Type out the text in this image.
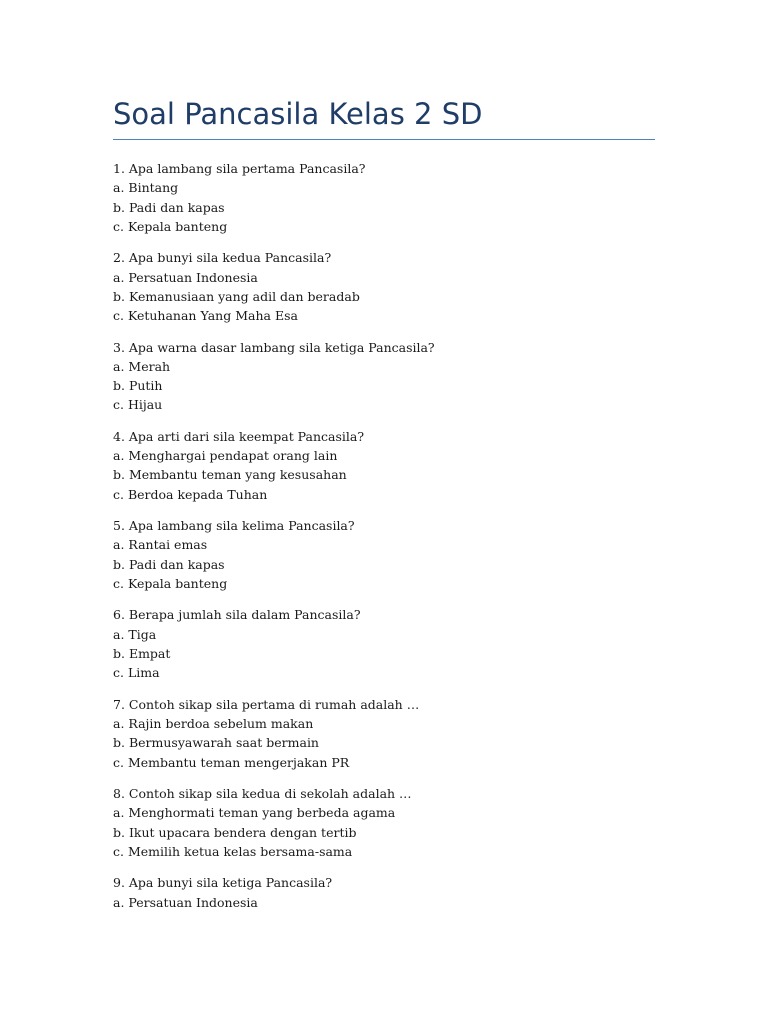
Soal Pancasila Kelas 2 SD

1. Apa lambang sila pertama Pancasila?

a. Bintang

b. Padi dan kapas

c. Kepala banteng

2. Apa bunyi sila kedua Pancasila?

a. Persatuan Indonesia

b. Kemanusiaan yang adil dan beradab

c. Ketuhanan Yang Maha Esa

3. Apa warna dasar lambang sila ketiga Pancasila?

a. Merah

b. Putih

c. Hijau

4. Apa arti dari sila keempat Pancasila?

a. Menghargai pendapat orang lain

b. Membantu teman yang kesusahan

c. Berdoa kepada Tuhan

5. Apa lambang sila kelima Pancasila?

a. Rantai emas

b. Padi dan kapas

c. Kepala banteng

6. Berapa jumlah sila dalam Pancasila?

a. Tiga

b. Empat

c. Lima

7. Contoh sikap sila pertama di rumah adalah …

a. Rajin berdoa sebelum makan

b. Bermusyawarah saat bermain

c. Membantu teman mengerjakan PR

8. Contoh sikap sila kedua di sekolah adalah …

a. Menghormati teman yang berbeda agama

b. Ikut upacara bendera dengan tertib

c. Memilih ketua kelas bersama-sama

9. Apa bunyi sila ketiga Pancasila?

a. Persatuan Indonesia
